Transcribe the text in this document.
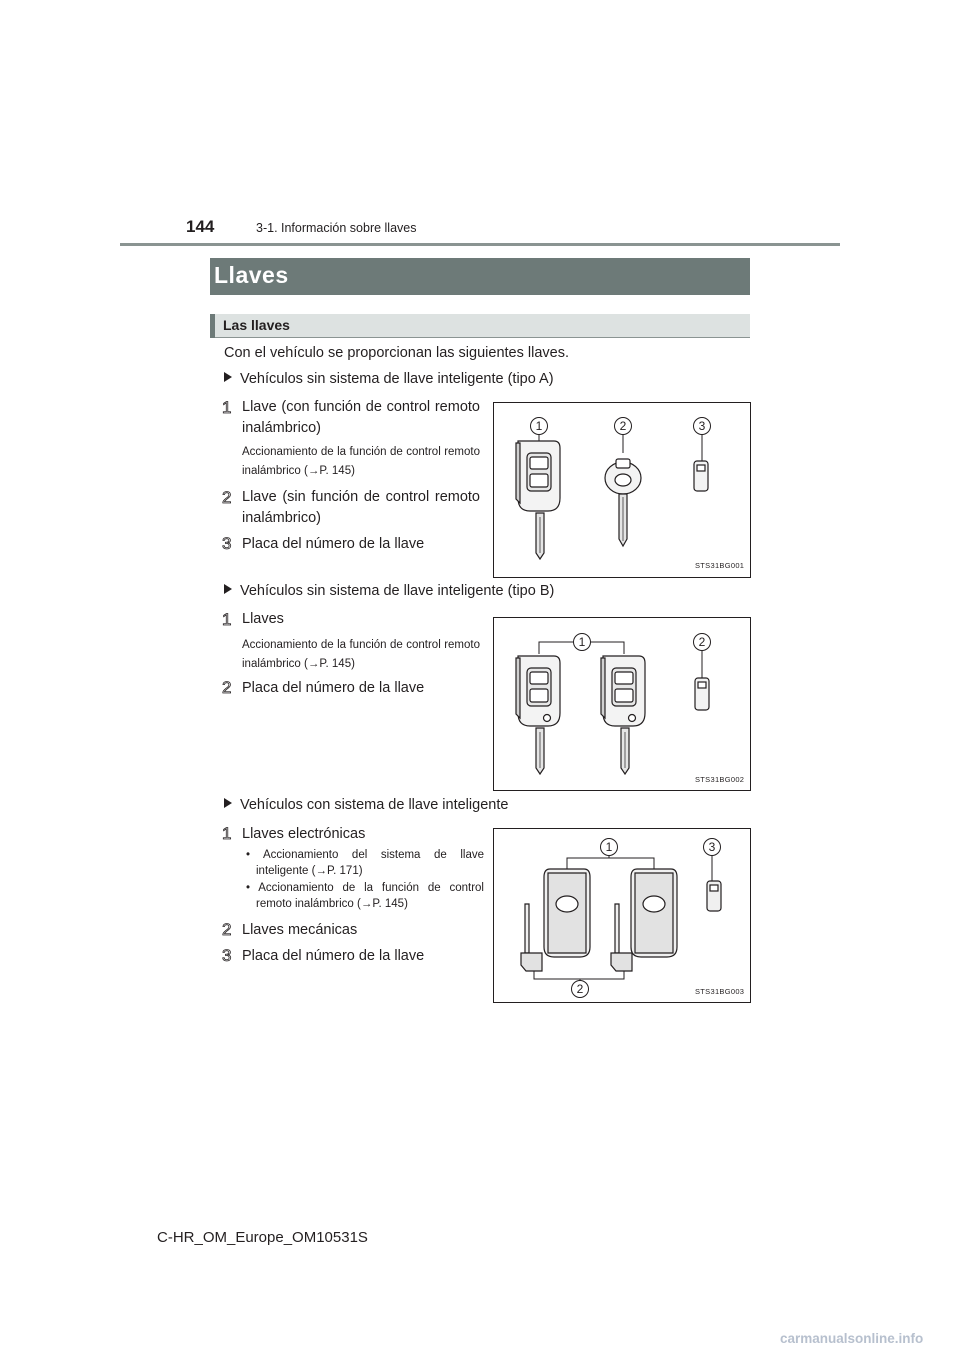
144	3-1. Información sobre llaves
Llaves
Las llaves
Con el vehículo se proporcionan las siguientes llaves.
Vehículos sin sistema de llave inteligente (tipo A)
1 Llave (con función de control remoto inalámbrico)
Accionamiento de la función de control remoto inalámbrico (→P. 145)
2 Llave (sin función de control remoto inalámbrico)
3 Placa del número de la llave
1	2	3
STS31BG001
Vehículos sin sistema de llave inteligente (tipo B)
1 Llaves
Accionamiento de la función de control remoto inalámbrico (→P. 145)
2 Placa del número de la llave
1	2
STS31BG002
Vehículos con sistema de llave inteligente
1 Llaves electrónicas
• Accionamiento del sistema de llave inteligente (→P. 171)
• Accionamiento de la función de control remoto inalámbrico (→P. 145)
2 Llaves mecánicas
3 Placa del número de la llave
1	3
2	STS31BG003
C-HR_OM_Europe_OM10531S
carmanualsonline.info
